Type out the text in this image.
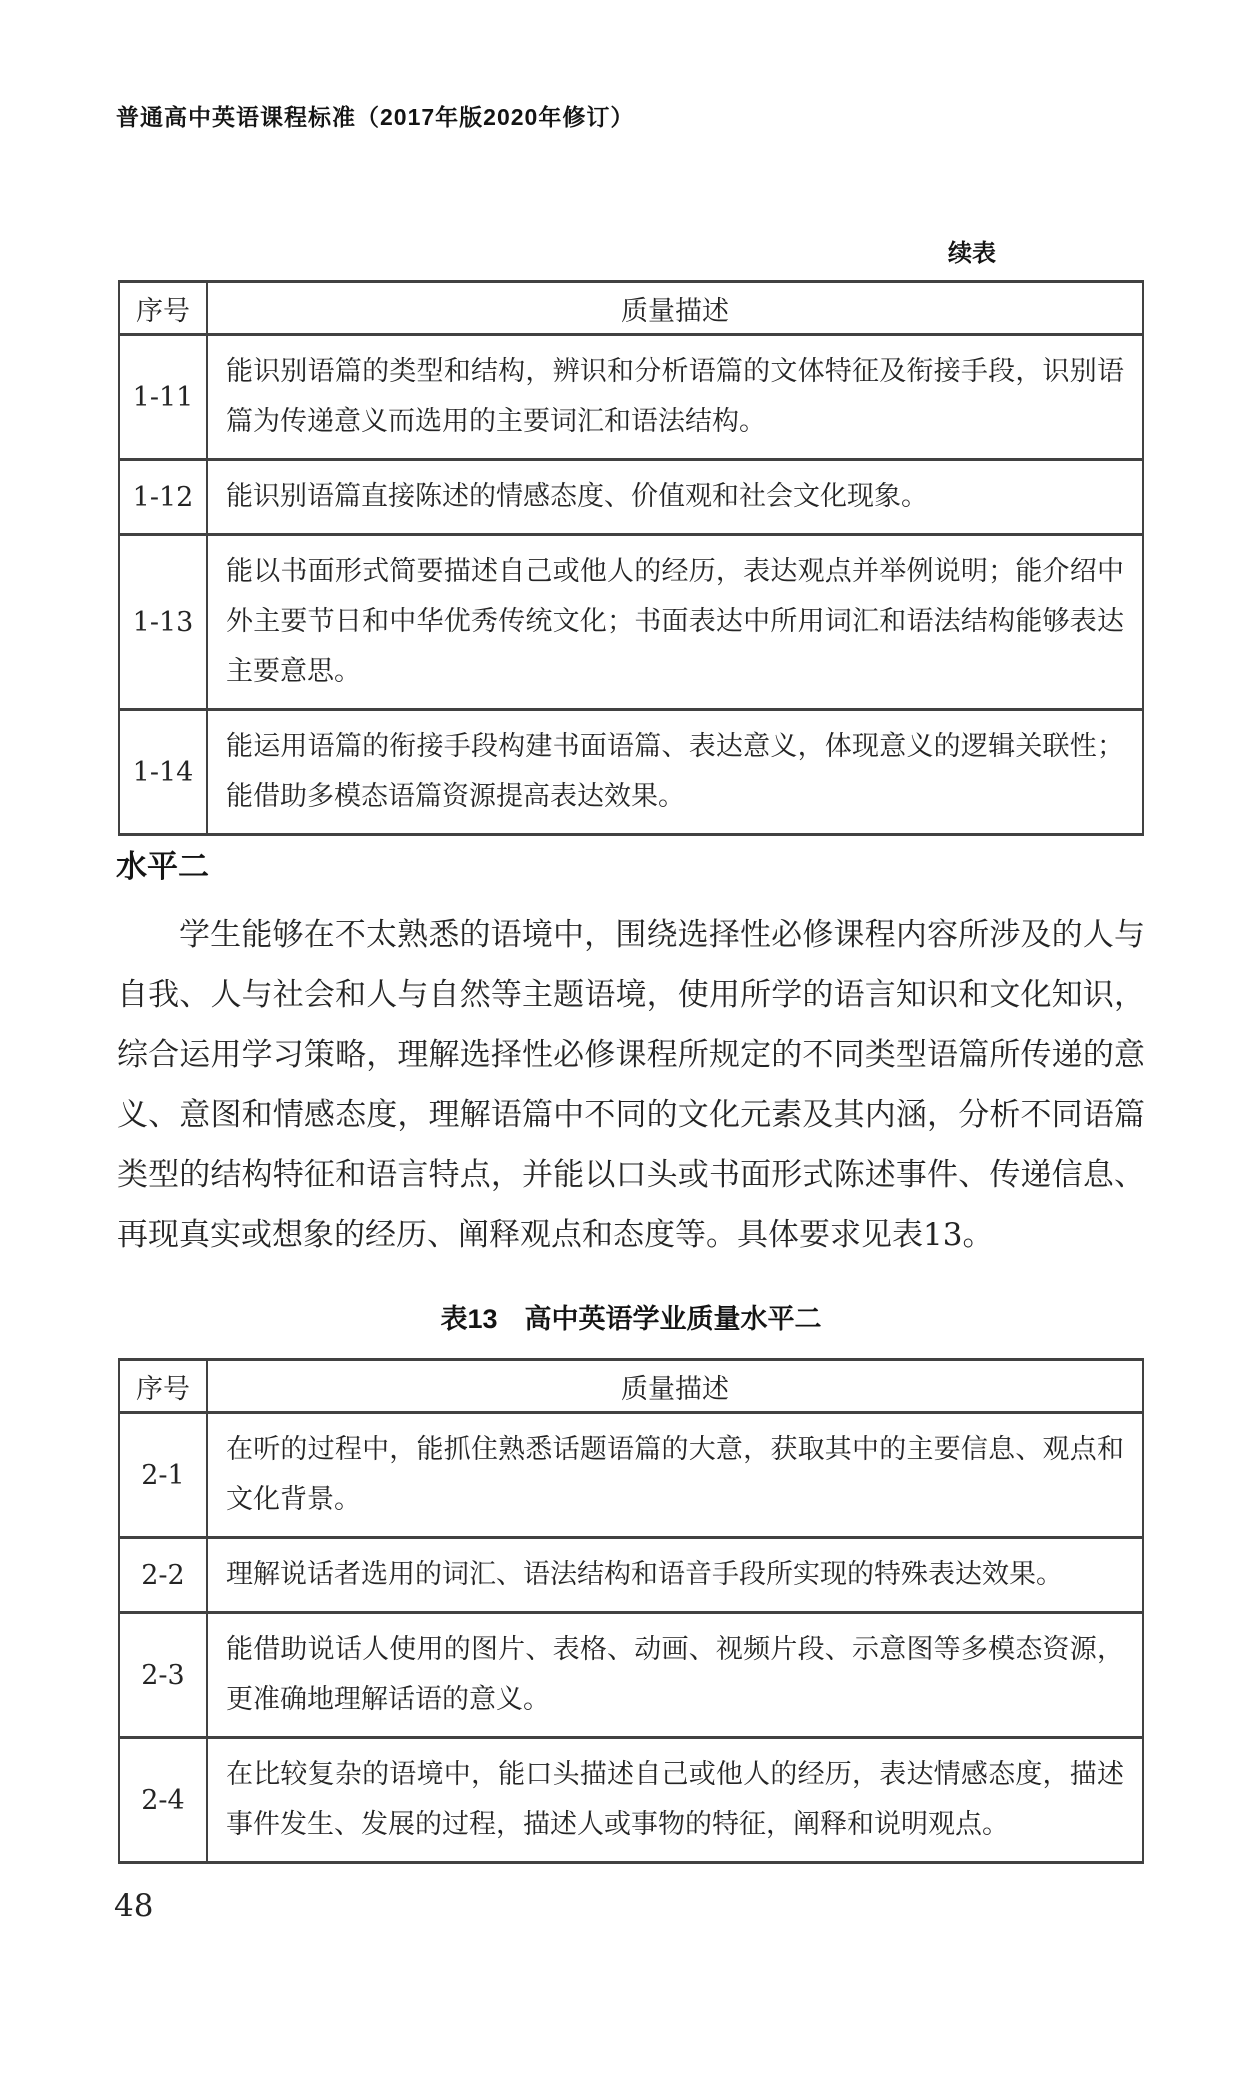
普通高中英语课程标准（2017年版2020年修订）
续表
序号	质量描述
1-11	能识别语篇的类型和结构，辨识和分析语篇的文体特征及衔接手段，识别语篇为传递意义而选用的主要词汇和语法结构。
1-12	能识别语篇直接陈述的情感态度、价值观和社会文化现象。
1-13	能以书面形式简要描述自己或他人的经历，表达观点并举例说明；能介绍中外主要节日和中华优秀传统文化；书面表达中所用词汇和语法结构能够表达主要意思。
1-14	能运用语篇的衔接手段构建书面语篇、表达意义，体现意义的逻辑关联性；能借助多模态语篇资源提高表达效果。
水平二
学生能够在不太熟悉的语境中，围绕选择性必修课程内容所涉及的人与自我、人与社会和人与自然等主题语境，使用所学的语言知识和文化知识，综合运用学习策略，理解选择性必修课程所规定的不同类型语篇所传递的意义、意图和情感态度，理解语篇中不同的文化元素及其内涵，分析不同语篇类型的结构特征和语言特点，并能以口头或书面形式陈述事件、传递信息、再现真实或想象的经历、阐释观点和态度等。具体要求见表13。
表13　高中英语学业质量水平二
序号	质量描述
2-1	在听的过程中，能抓住熟悉话题语篇的大意，获取其中的主要信息、观点和文化背景。
2-2	理解说话者选用的词汇、语法结构和语音手段所实现的特殊表达效果。
2-3	能借助说话人使用的图片、表格、动画、视频片段、示意图等多模态资源，更准确地理解话语的意义。
2-4	在比较复杂的语境中，能口头描述自己或他人的经历，表达情感态度，描述事件发生、发展的过程，描述人或事物的特征，阐释和说明观点。
48
